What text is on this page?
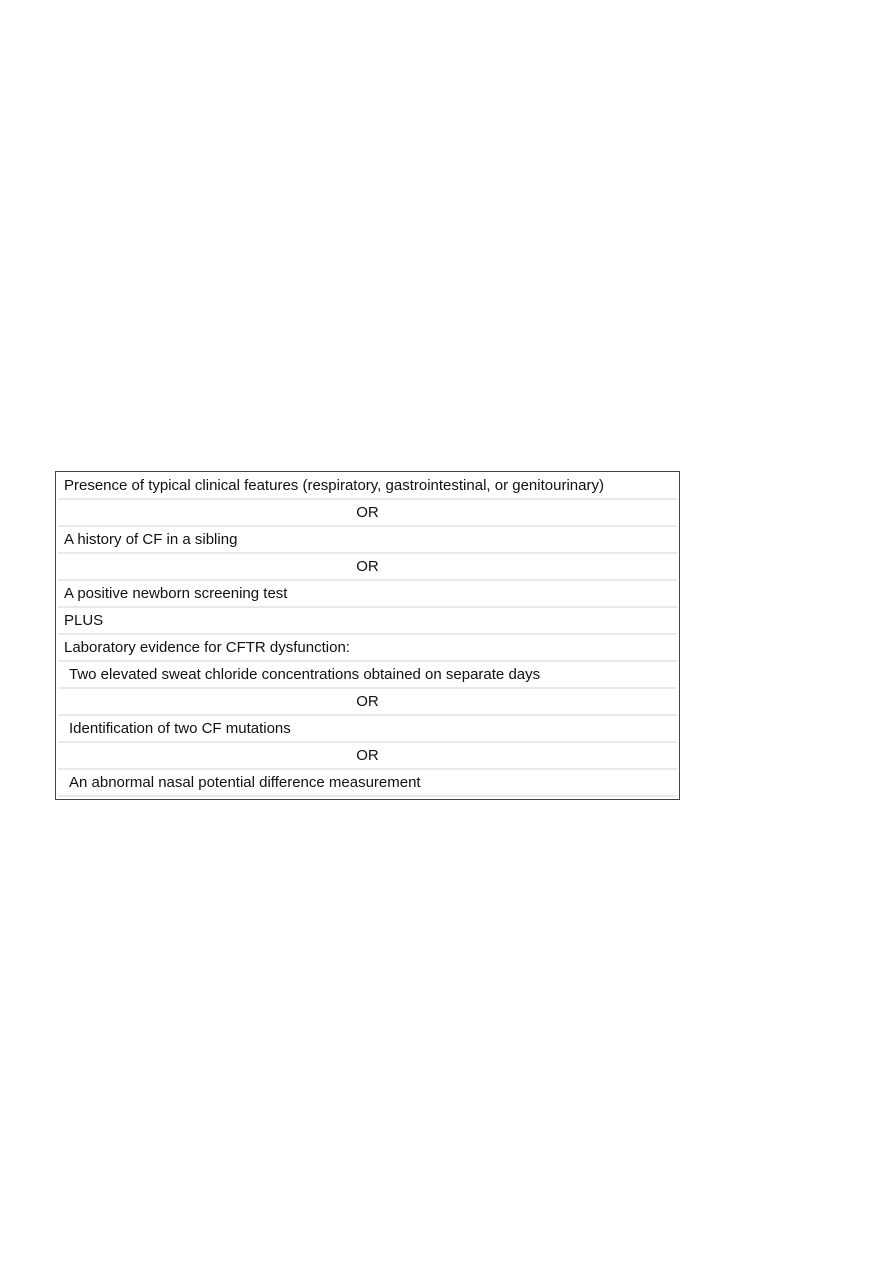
Presence of typical clinical features (respiratory, gastrointestinal, or genitourinary)
OR
A history of CF in a sibling
OR
A positive newborn screening test
PLUS
Laboratory evidence for CFTR dysfunction:
Two elevated sweat chloride concentrations obtained on separate days
OR
Identification of two CF mutations
OR
An abnormal nasal potential difference measurement
